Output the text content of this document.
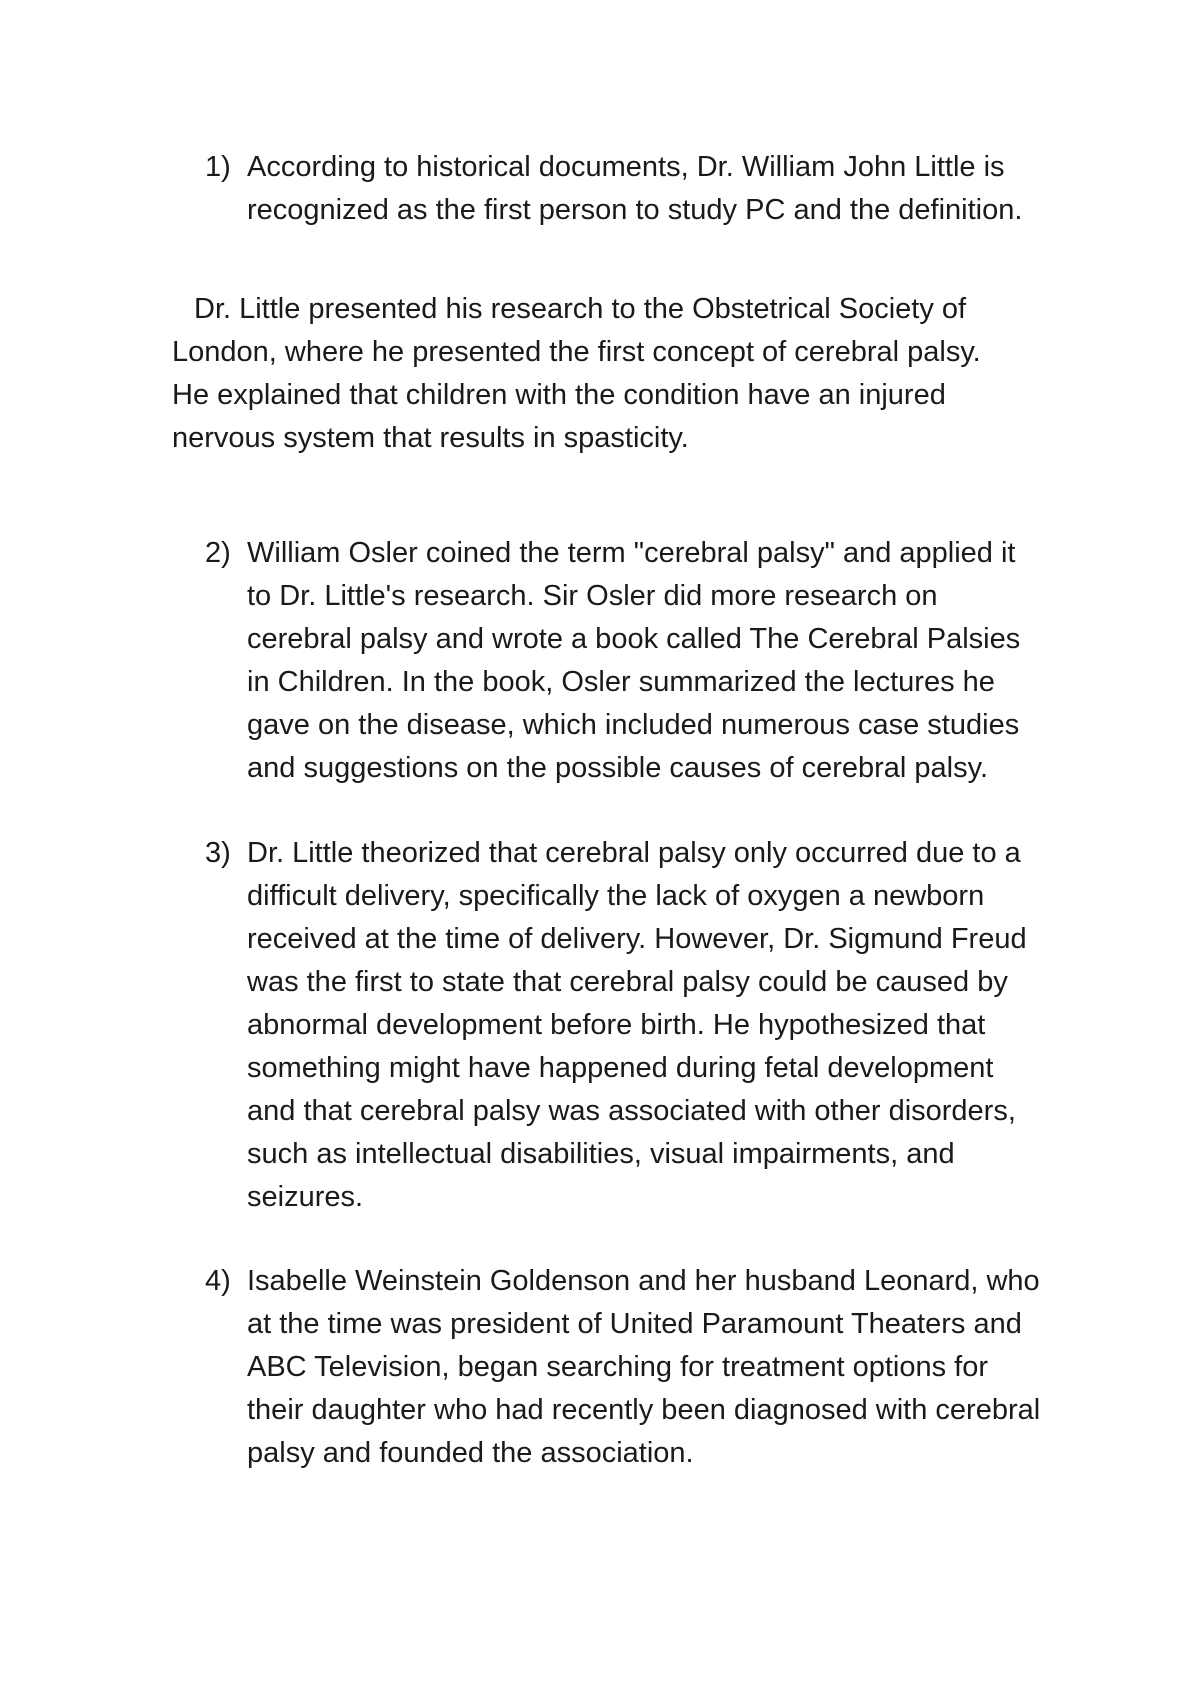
1) According to historical documents, Dr. William John Little is recognized as the first person to study PC and the definition.
Dr. Little presented his research to the Obstetrical Society of London, where he presented the first concept of cerebral palsy. He explained that children with the condition have an injured nervous system that results in spasticity.
2) William Osler coined the term "cerebral palsy" and applied it to Dr. Little's research. Sir Osler did more research on cerebral palsy and wrote a book called The Cerebral Palsies in Children. In the book, Osler summarized the lectures he gave on the disease, which included numerous case studies and suggestions on the possible causes of cerebral palsy.
3) Dr. Little theorized that cerebral palsy only occurred due to a difficult delivery, specifically the lack of oxygen a newborn received at the time of delivery. However, Dr. Sigmund Freud was the first to state that cerebral palsy could be caused by abnormal development before birth. He hypothesized that something might have happened during fetal development and that cerebral palsy was associated with other disorders, such as intellectual disabilities, visual impairments, and seizures.
4) Isabelle Weinstein Goldenson and her husband Leonard, who at the time was president of United Paramount Theaters and ABC Television, began searching for treatment options for their daughter who had recently been diagnosed with cerebral palsy and founded the association.
